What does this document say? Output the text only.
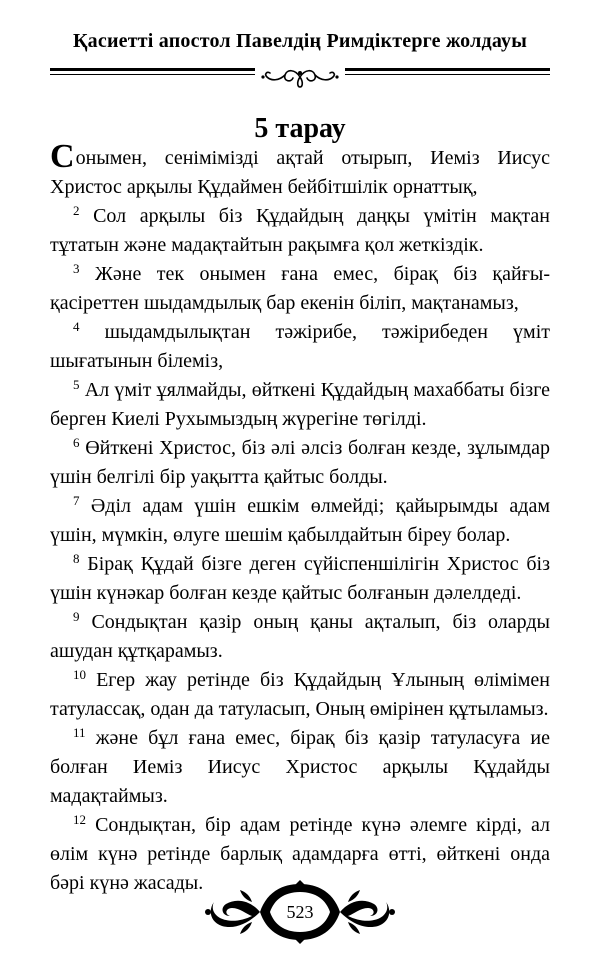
Қасиетті апостол Павелдің Римдіктерге жолдауы
5 тарау

Сонымен, сенімімізді ақтай отырып, Иеміз Иисус Христос арқылы Құдаймен бейбітшілік орнаттық,

$^2$ Сол арқылы біз Құдайдың даңқы үмітін мақтан тұтатын және мадақтайтын рақымға қол жеткіздік.

$^3$ Және тек онымен ғана емес, бірақ біз қайғы-қасіреттен шыдамдылық бар екенін біліп, мақтанамыз,

$^4$ шыдамдылықтан тәжірибе, тәжірибеден үміт шығатынын білеміз,

$^5$ Ал үміт ұялмайды, өйткені Құдайдың махаббаты бізге берген Киелі Рухымыздың жүрегіне төгілді.

$^6$ Өйткені Христос, біз әлі әлсіз болған кезде, зұлымдар үшін белгілі бір уақытта қайтыс болды.

$^7$ Әділ адам үшін ешкім өлмейді; қайырымды адам үшін, мүмкін, өлуге шешім қабылдайтын біреу болар.

$^8$ Бірақ Құдай бізге деген сүйіспеншілігін Христос біз үшін күнәкар болған кезде қайтыс болғанын дәлелдеді.

$^9$ Сондықтан қазір оның қаны ақталып, біз оларды ашудан құтқарамыз.

$^{10}$ Егер жау ретінде біз Құдайдың Ұлының өлімімен татулассақ, одан да татуласып, Оның өмірінен құтыламыз.

$^{11}$ және бұл ғана емес, бірақ біз қазір татуласуға ие болған Иеміз Иисус Христос арқылы Құдайды мадақтаймыз.

$^{12}$ Сондықтан, бір адам ретінде күнә әлемге кірді, ал өлім күнә ретінде барлық адамдарға өтті, өйткені онда бәрі күнә жасады.

523
